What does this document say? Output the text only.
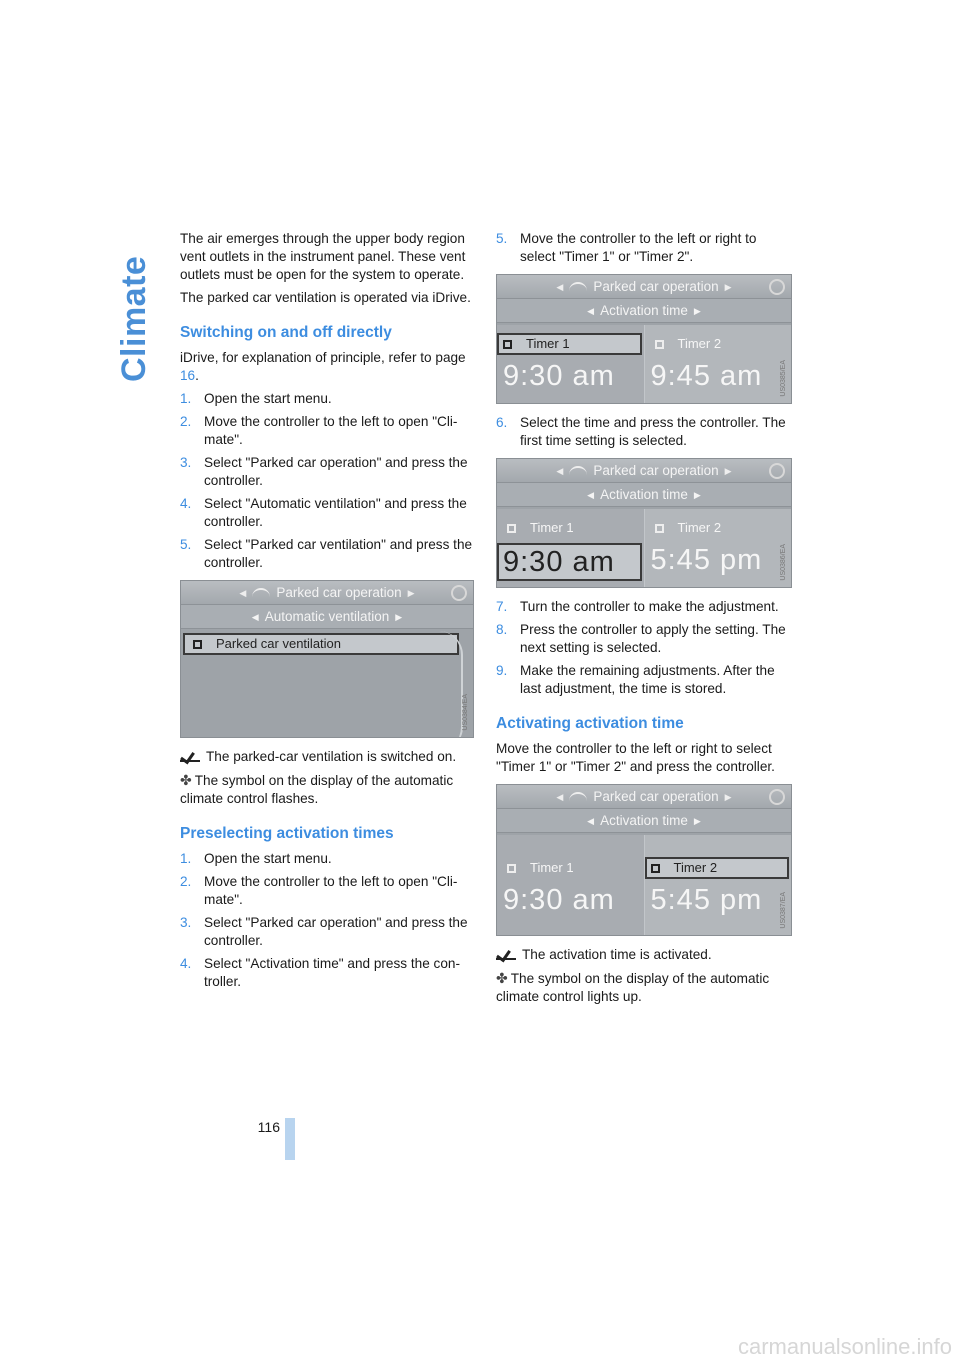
Climate

The air emerges through the upper body region vent outlets in the instrument panel. These vent outlets must be open for the system to operate.

The parked car ventilation is operated via iDrive.

Switching on and off directly

iDrive, for explanation of principle, refer to page 16.

1. Open the start menu.
2. Move the controller to the left to open "Cli-mate".
3. Select "Parked car operation" and press the controller.
4. Select "Automatic ventilation" and press the controller.
5. Select "Parked car ventilation" and press the controller.
◀ Parked car operation ▶
◀ Automatic ventilation ▶
Parked car ventilation
US0384/EA

The parked-car ventilation is switched on.

✤ The symbol on the display of the automatic climate control flashes.

Preselecting activation times
1. Open the start menu.
2. Move the controller to the left to open "Cli-mate".
3. Select "Parked car operation" and press the controller.
4. Select "Activation time" and press the con-troller.
5. Move the controller to the left or right to select "Timer 1" or "Timer 2".
◀ Parked car operation ▶
◀ Activation time ▶
Timer 1
9:30 am
Timer 2
9:45 am	US0385/EA
6. Select the time and press the controller. The first time setting is selected.
◀ Parked car operation ▶
◀ Activation time ▶
Timer 1
9:30 am
Timer 2
5:45 pm	US0386/EA
7. Turn the controller to make the adjustment.
8. Press the controller to apply the setting. The next setting is selected.
9. Make the remaining adjustments. After the last adjustment, the time is stored.
Activating activation time

Move the controller to the left or right to select "Timer 1" or "Timer 2" and press the controller.

◀ Parked car operation ▶
◀ Activation time ▶
Timer 1
9:30 am
Timer 2
5:45 pm	US0387/EA

The activation time is activated.

✤ The symbol on the display of the automatic climate control lights up.

116
carmanualsonline.info
